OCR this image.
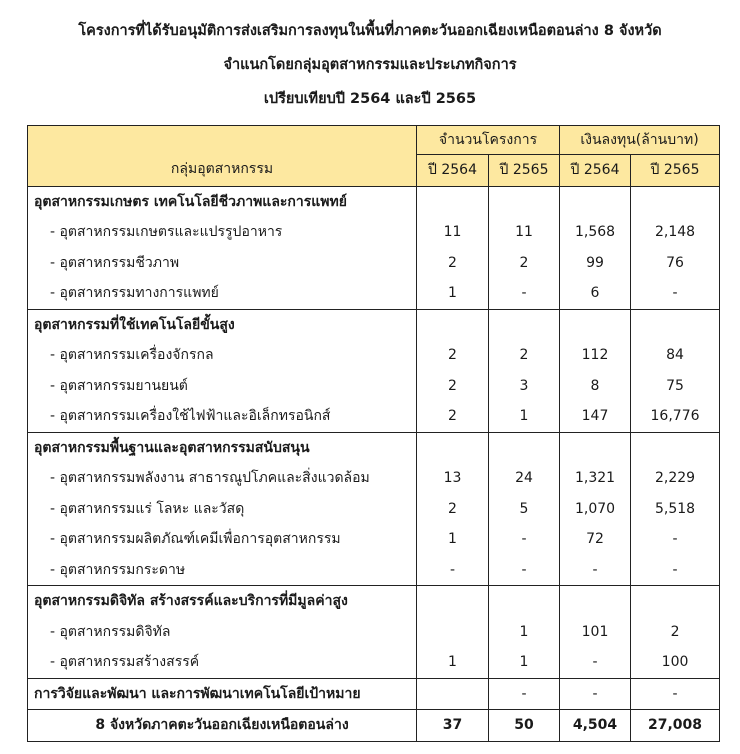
โครงการที่ได้รับอนุมัติการส่งเสริมการลงทุนในพื้นที่ภาคตะวันออกเฉียงเหนือตอนล่าง 8 จังหวัด
จำแนกโดยกลุ่มอุตสาหกรรมและประเภทกิจการ
เปรียบเทียบปี 2564 และปี 2565
กลุ่มอุตสาหกรรม	จำนวนโครงการ		เงินลงทุน(ล้านบาท)	
	ปี 2564	ปี 2565	ปี 2564	ปี 2565
อุตสาหกรรมเกษตร เทคโนโลยีชีวภาพและการแพทย์				
- อุตสาหกรรมเกษตรและแปรรูปอาหาร	11	11	1,568	2,148
- อุตสาหกรรมชีวภาพ	2	2	99	76
- อุตสาหกรรมทางการแพทย์	1	-	6	-
อุตสาหกรรมที่ใช้เทคโนโลยีขั้นสูง				
- อุตสาหกรรมเครื่องจักรกล	2	2	112	84
- อุตสาหกรรมยานยนต์	2	3	8	75
- อุตสาหกรรมเครื่องใช้ไฟฟ้าและอิเล็กทรอนิกส์	2	1	147	16,776
อุตสาหกรรมพื้นฐานและอุตสาหกรรมสนับสนุน				
- อุตสาหกรรมพลังงาน สาธารณูปโภคและสิ่งแวดล้อม	13	24	1,321	2,229
- อุตสาหกรรมแร่ โลหะ และวัสดุ	2	5	1,070	5,518
- อุตสาหกรรมผลิตภัณฑ์เคมีเพื่อการอุตสาหกรรม	1	-	72	-
- อุตสาหกรรมกระดาษ	-	-	-	-
อุตสาหกรรมดิจิทัล สร้างสรรค์และบริการที่มีมูลค่าสูง				
- อุตสาหกรรมดิจิทัล		1	101	2
- อุตสาหกรรมสร้างสรรค์	1	1	-	100
การวิจัยและพัฒนา และการพัฒนาเทคโนโลยีเป้าหมาย		-	-	-
8 จังหวัดภาคตะวันออกเฉียงเหนือตอนล่าง	37	50	4,504	27,008
